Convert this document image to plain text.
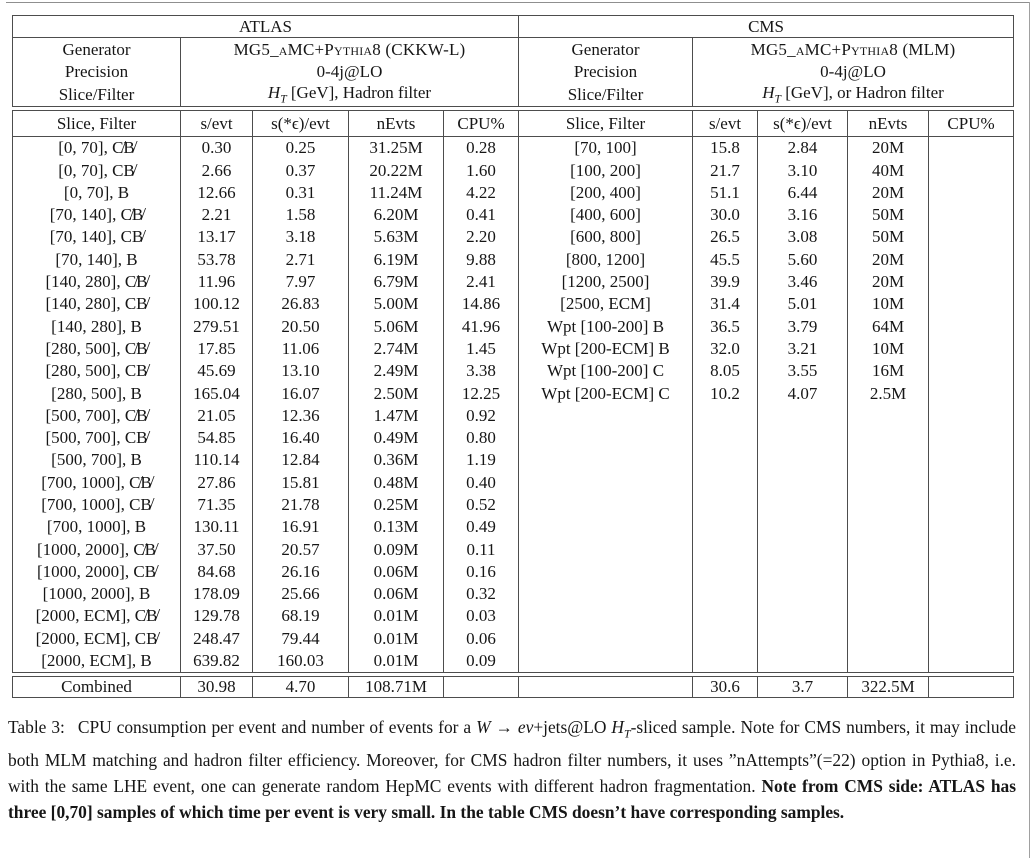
ATLAS					CMS				
Generator	MG5_aMC+Pythia8 (CKKW-L)				Generator	MG5_aMC+Pythia8 (MLM)			
Precision	0-4j@LO				Precision	0-4j@LO			
Slice/Filter	$H_T$ [GeV], Hadron filter				Slice/Filter	$H_T$ [GeV], or Hadron filter			

Slice, Filter	s/evt	s(*ϵ)/evt	nEvts	CPU%	Slice, Filter	s/evt	s(*ϵ)/evt	nEvts	CPU%
[0, 70], C̸B̸	0.30	0.25	31.25M	0.28	[70, 100]	15.8	2.84	20M	
[0, 70], CB̸	2.66	0.37	20.22M	1.60	[100, 200]	21.7	3.10	40M	
[0, 70], B	12.66	0.31	11.24M	4.22	[200, 400]	51.1	6.44	20M	
[70, 140], C̸B̸	2.21	1.58	6.20M	0.41	[400, 600]	30.0	3.16	50M	
[70, 140], CB̸	13.17	3.18	5.63M	2.20	[600, 800]	26.5	3.08	50M	
[70, 140], B	53.78	2.71	6.19M	9.88	[800, 1200]	45.5	5.60	20M	
[140, 280], C̸B̸	11.96	7.97	6.79M	2.41	[1200, 2500]	39.9	3.46	20M	
[140, 280], CB̸	100.12	26.83	5.00M	14.86	[2500, ECM]	31.4	5.01	10M	
[140, 280], B	279.51	20.50	5.06M	41.96	Wpt [100-200] B	36.5	3.79	64M	
[280, 500], C̸B̸	17.85	11.06	2.74M	1.45	Wpt [200-ECM] B	32.0	3.21	10M	
[280, 500], CB̸	45.69	13.10	2.49M	3.38	Wpt [100-200] C	8.05	3.55	16M	
[280, 500], B	165.04	16.07	2.50M	12.25	Wpt [200-ECM] C	10.2	4.07	2.5M	
[500, 700], C̸B̸	21.05	12.36	1.47M	0.92					
[500, 700], CB̸	54.85	16.40	0.49M	0.80					
[500, 700], B	110.14	12.84	0.36M	1.19					
[700, 1000], C̸B̸	27.86	15.81	0.48M	0.40					
[700, 1000], CB̸	71.35	21.78	0.25M	0.52					
[700, 1000], B	130.11	16.91	0.13M	0.49					
[1000, 2000], C̸B̸	37.50	20.57	0.09M	0.11					
[1000, 2000], CB̸	84.68	26.16	0.06M	0.16					
[1000, 2000], B	178.09	25.66	0.06M	0.32					
[2000, ECM], C̸B̸	129.78	68.19	0.01M	0.03					
[2000, ECM], CB̸	248.47	79.44	0.01M	0.06					
[2000, ECM], B	639.82	160.03	0.01M	0.09					

Combined	30.98	4.70	108.71M			30.6	3.7	322.5M	

Table 3: CPU consumption per event and number of events for a W → eν+jets@LO $H_T$-sliced sample. Note for CMS numbers, it may include both MLM matching and hadron filter efficiency. Moreover, for CMS hadron filter numbers, it uses ”nAttempts”(=22) option in Pythia8, i.e. with the same LHE event, one can generate random HepMC events with different hadron fragmentation. Note from CMS side: ATLAS has three [0,70] samples of which time per event is very small. In the table CMS doesn’t have corresponding samples.
